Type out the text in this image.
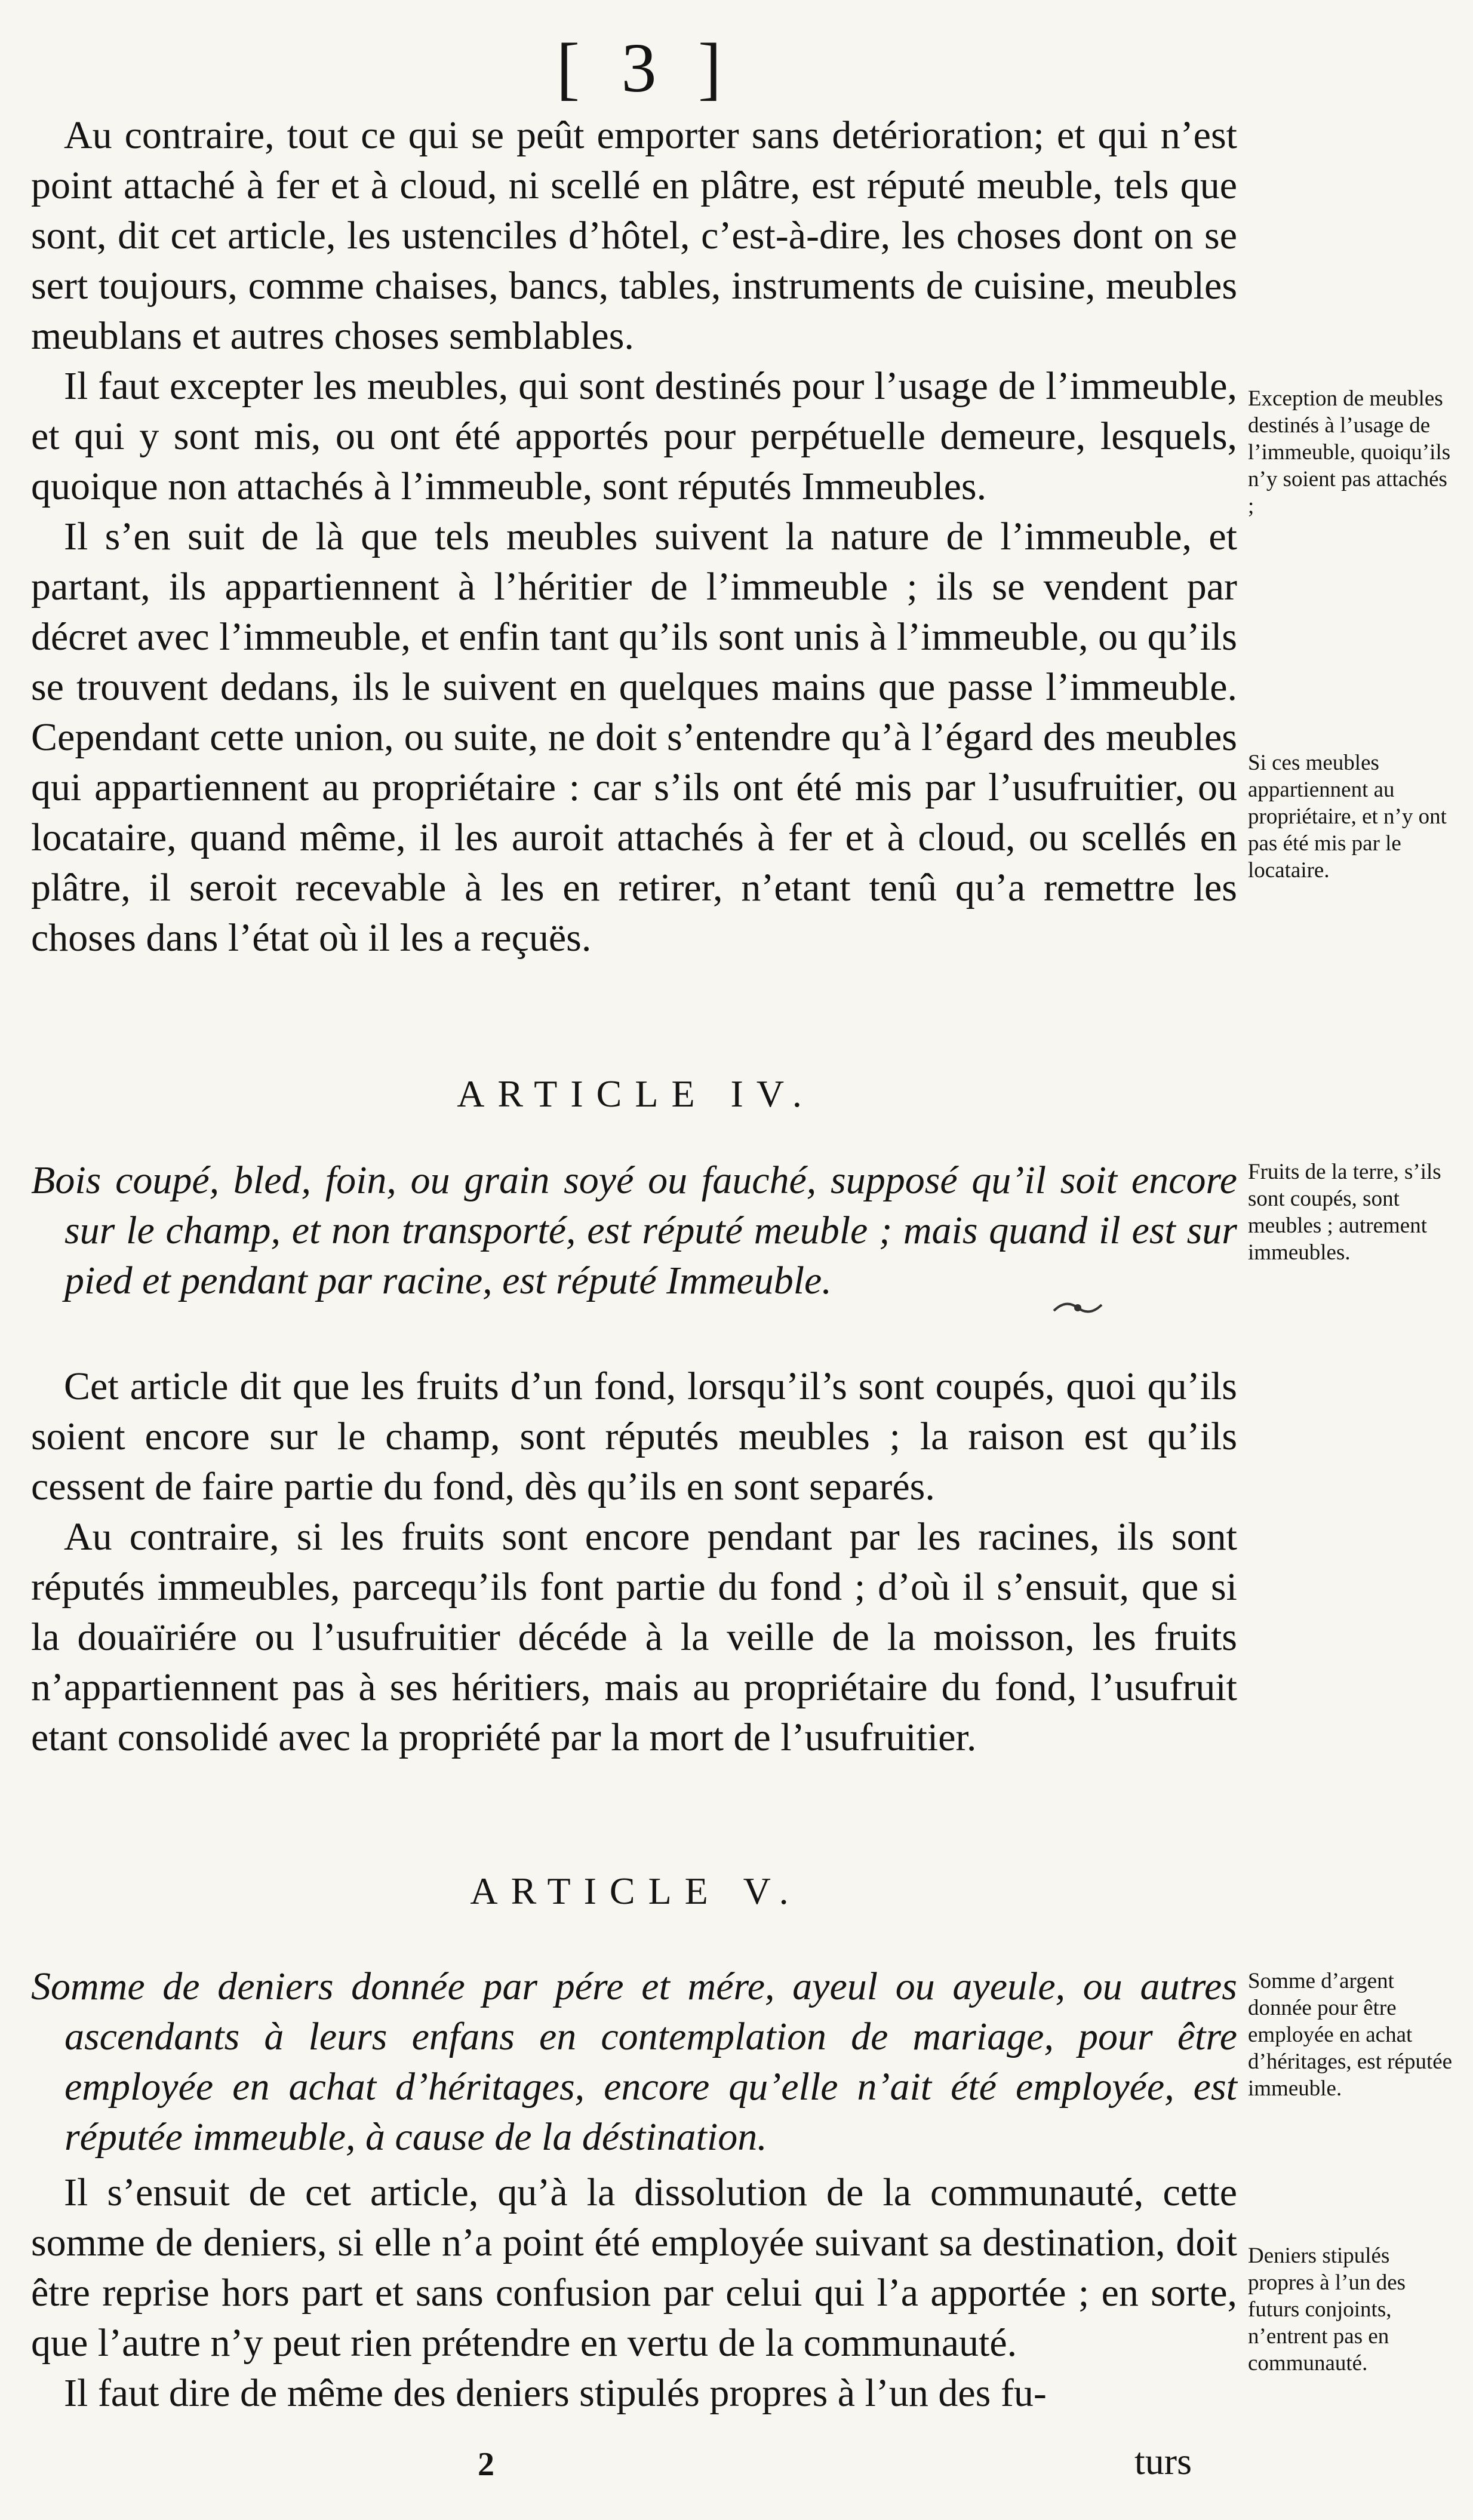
[ 3 ]

Au contraire, tout ce qui se peût emporter sans detérioration; et qui n’est point attaché à fer et à cloud, ni scellé en plâtre, est réputé meuble, tels que sont, dit cet article, les ustenciles d’hôtel, c’est-à-dire, les choses dont on se sert toujours, comme chaises, bancs, tables, instruments de cuisine, meubles meublans et autres choses semblables.

Il faut excepter les meubles, qui sont destinés pour l’usage de l’immeuble, et qui y sont mis, ou ont été apportés pour perpétuelle demeure, lesquels, quoique non attachés à l’immeuble, sont réputés Immeubles.

Il s’en suit de là que tels meubles suivent la nature de l’immeuble, et partant, ils appartiennent à l’héritier de l’immeuble ; ils se vendent par décret avec l’immeuble, et enfin tant qu’ils sont unis à l’immeuble, ou qu’ils se trouvent dedans, ils le suivent en quelques mains que passe l’immeuble. Cependant cette union, ou suite, ne doit s’entendre qu’à l’égard des meubles qui appartiennent au propriétaire : car s’ils ont été mis par l’usufruitier, ou locataire, quand même, il les auroit attachés à fer et à cloud, ou scellés en plâtre, il seroit recevable à les en retirer, n’etant tenû qu’a remettre les choses dans l’état où il les a reçuës.

ARTICLE IV.

Bois coupé, bled, foin, ou grain soyé ou fauché, supposé qu’il soit encore sur le champ, et non transporté, est réputé meuble ; mais quand il est sur pied et pendant par racine, est réputé Immeuble.

Cet article dit que les fruits d’un fond, lorsqu’il’s sont coupés, quoi qu’ils soient encore sur le champ, sont réputés meubles ; la raison est qu’ils cessent de faire partie du fond, dès qu’ils en sont separés.

Au contraire, si les fruits sont encore pendant par les racines, ils sont réputés immeubles, parcequ’ils font partie du fond ; d’où il s’ensuit, que si la douaïriére ou l’usufruitier décéde à la veille de la moisson, les fruits n’appartiennent pas à ses héritiers, mais au propriétaire du fond, l’usufruit etant consolidé avec la propriété par la mort de l’usufruitier.

ARTICLE V.

Somme de deniers donnée par pére et mére, ayeul ou ayeule, ou autres ascendants à leurs enfans en contemplation de mariage, pour être employée en achat d’héritages, encore qu’elle n’ait été employée, est réputée immeuble, à cause de la déstination.

Il s’ensuit de cet article, qu’à la dissolution de la communauté, cette somme de deniers, si elle n’a point été employée suivant sa destination, doit être reprise hors part et sans confusion par celui qui l’a apportée ; en sorte, que l’autre n’y peut rien prétendre en vertu de la communauté.

Il faut dire de même des deniers stipulés propres à l’un des fu-

Exception de meubles destinés à l’usage de l’immeuble, quoiqu’ils n’y soient pas attachés ;
Si ces meubles appartiennent au propriétaire, et n’y ont pas été mis par le locataire.
Fruits de la terre, s’ils sont coupés, sont meubles ; autrement immeubles.
Somme d’argent donnée pour être employée en achat d’héritages, est réputée immeuble.
Deniers stipulés propres à l’un des futurs conjoints, n’entrent pas en communauté.
2	turs
